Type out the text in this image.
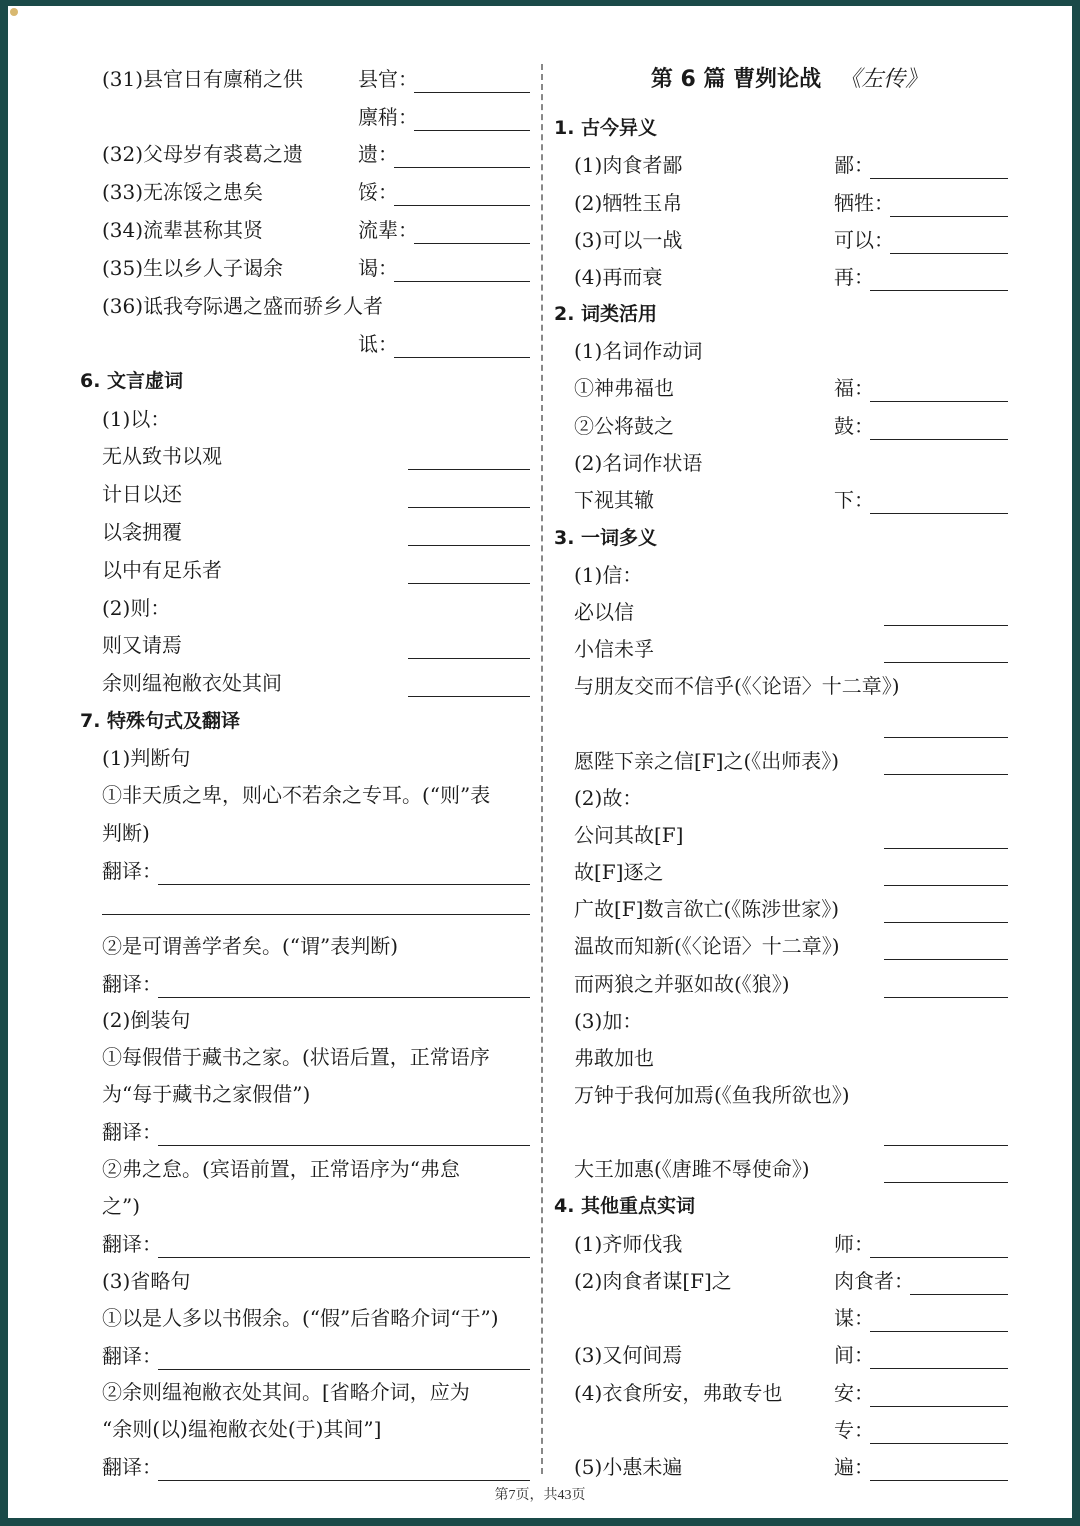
(31)县官日有廪稍之供	县官：
廪稍：
(32)父母岁有裘葛之遗	遗：
(33)无冻馁之患矣	馁：
(34)流辈甚称其贤	流辈：
(35)生以乡人子谒余	谒：
(36)诋我夸际遇之盛而骄乡人者
诋：
6. 文言虚词
(1)以：
无从致书以观
计日以还
以衾拥覆
以中有足乐者
(2)则：
则又请焉
余则缊袍敝衣处其间
7. 特殊句式及翻译
(1)判断句
①非天质之卑，则心不若余之专耳。(“则”表
判断)
翻译：
②是可谓善学者矣。(“谓”表判断)
翻译：
(2)倒装句
①每假借于藏书之家。(状语后置，正常语序
为“每于藏书之家假借”)
翻译：
②弗之怠。(宾语前置，正常语序为“弗怠
之”)
翻译：
(3)省略句
①以是人多以书假余。(“假”后省略介词“于”)
翻译：
②余则缊袍敝衣处其间。[省略介词，应为
“余则(以)缊袍敝衣处(于)其间”]
翻译：
第 6 篇 曹刿论战 《左传》
1. 古今异义
(1)肉食者鄙	鄙：
(2)牺牲玉帛	牺牲：
(3)可以一战	可以：
(4)再而衰	再：
2. 词类活用
(1)名词作动词
①神弗福也	福：
②公将鼓之	鼓：
(2)名词作状语
下视其辙	下：
3. 一词多义
(1)信：
必以信
小信未孚
与朋友交而不信乎(《〈论语〉十二章》)
愿陛下亲之信[F]之(《出师表》)
(2)故：
公问其故[F]
故[F]逐之
广故[F]数言欲亡(《陈涉世家》)
温故而知新(《〈论语〉十二章》)
而两狼之并驱如故(《狼》)
(3)加：
弗敢加也
万钟于我何加焉(《鱼我所欲也》)
大王加惠(《唐雎不辱使命》)
4. 其他重点实词
(1)齐师伐我	师：
(2)肉食者谋[F]之	肉食者：
谋：
(3)又何间焉	间：
(4)衣食所安，弗敢专也	安：
专：
(5)小惠未遍	遍：
第7页，共43页
